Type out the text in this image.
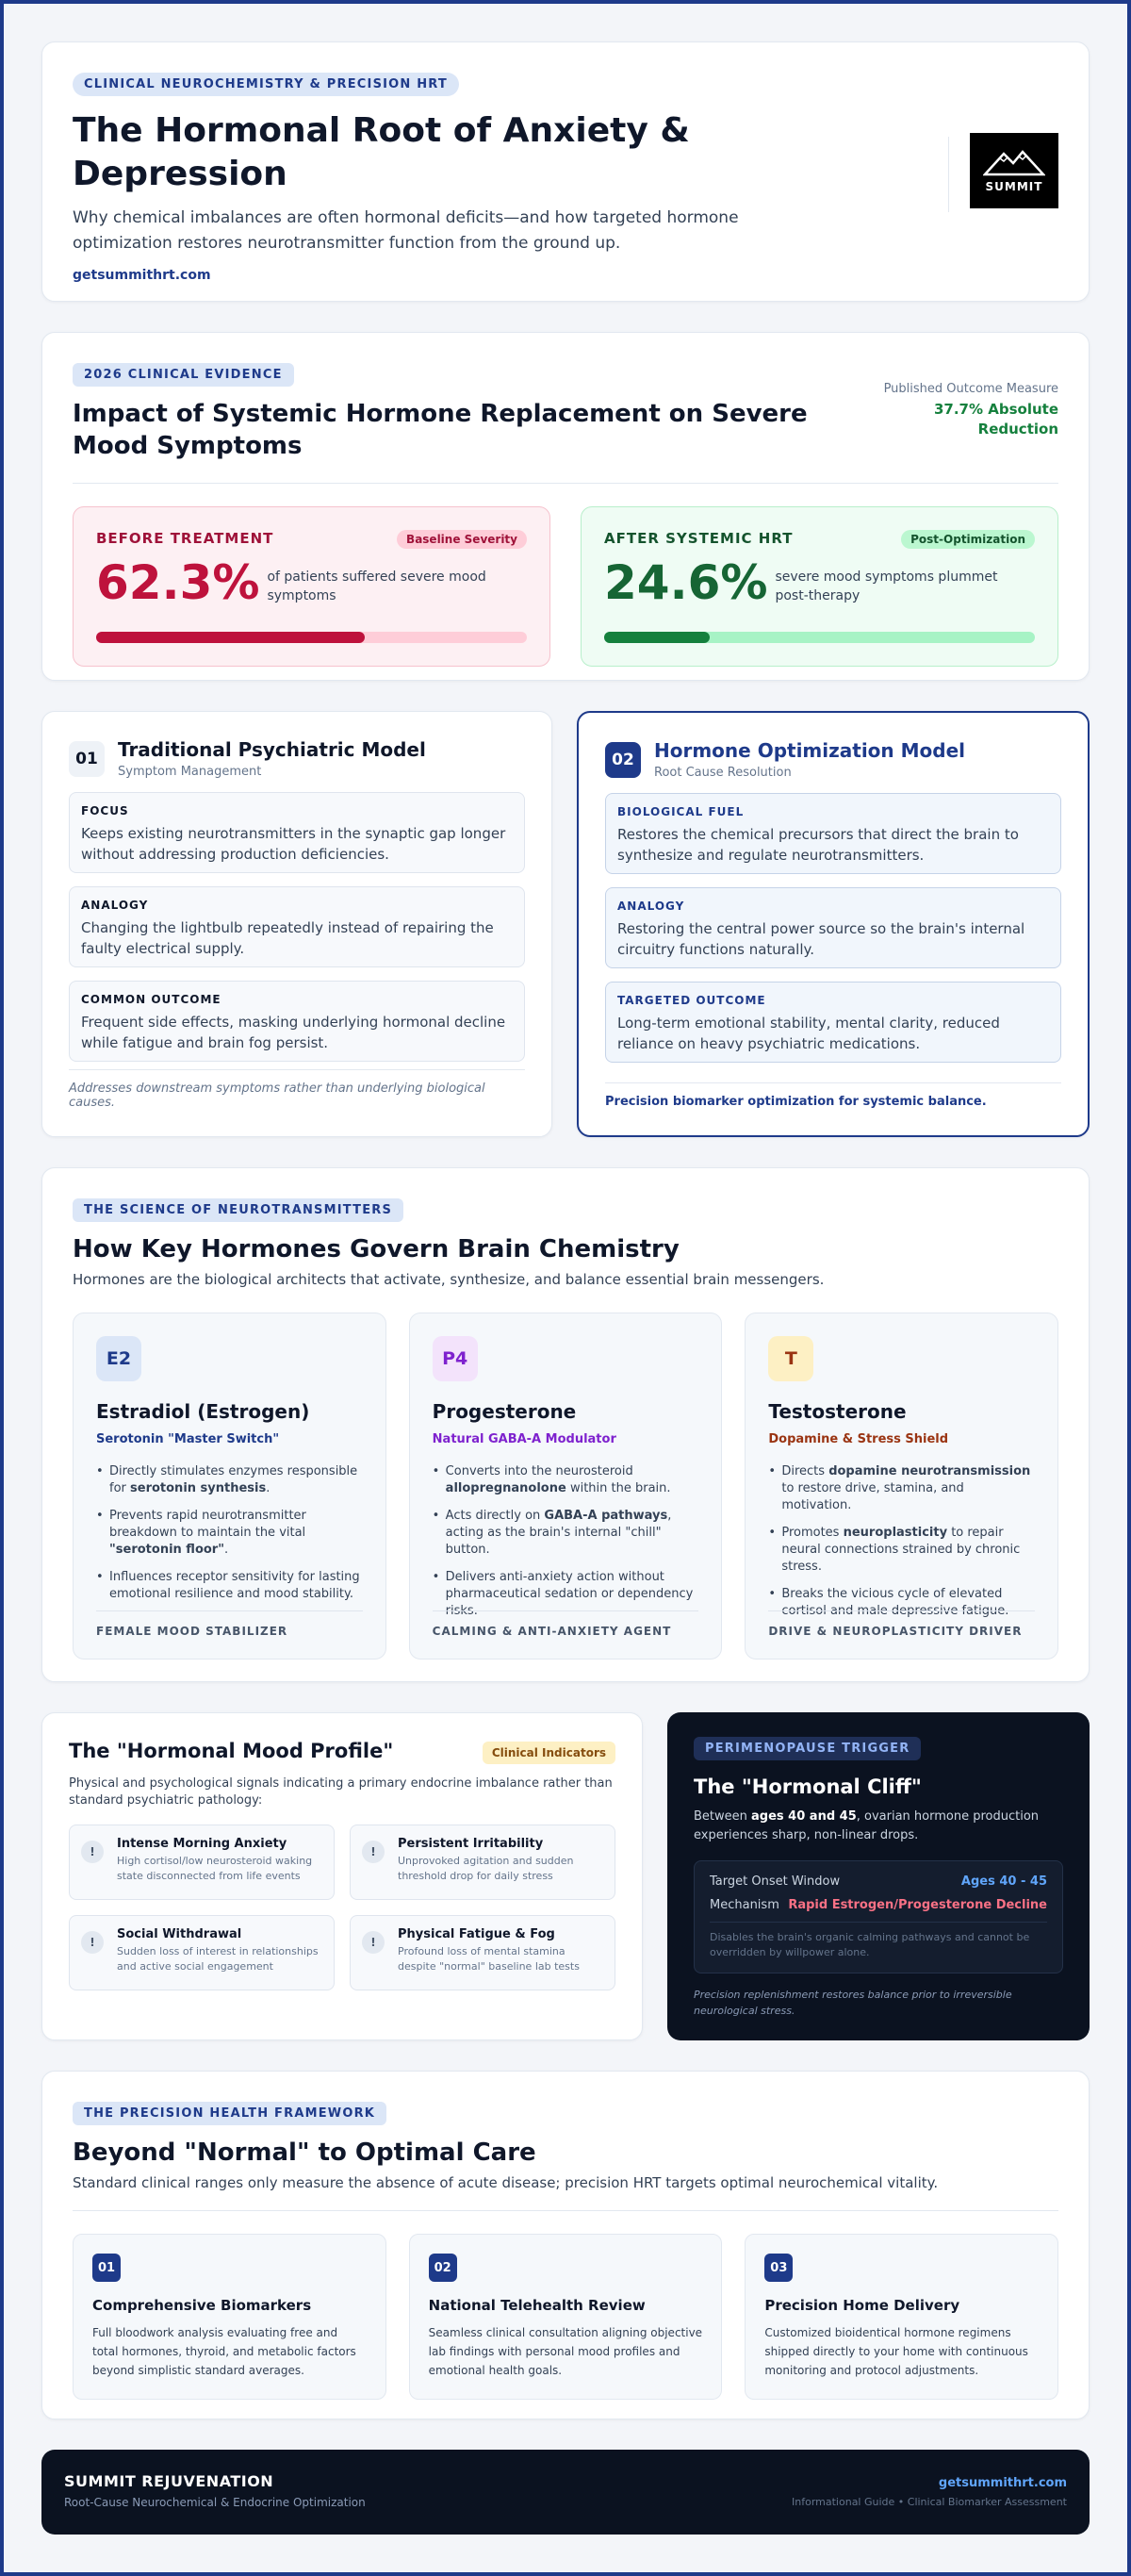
CLINICAL NEUROCHEMISTRY & PRECISION HRT
The Hormonal Root of Anxiety & Depression

Why chemical imbalances are often hormonal deficits—and how targeted hormone optimization restores neurotransmitter function from the ground up.

getsummithrt.com
SUMMIT
2026 CLINICAL EVIDENCE
Impact of Systemic Hormone Replacement on Severe Mood Symptoms
Published Outcome Measure
37.7% Absolute Reduction
BEFORE TREATMENT	Baseline Severity
62.3% of patients suffered severe mood symptoms
AFTER SYSTEMIC HRT	Post-Optimization
24.6% severe mood symptoms plummet post-therapy
01	Traditional Psychiatric Model
Symptom Management
FOCUS
Keeps existing neurotransmitters in the synaptic gap longer without addressing production deficiencies.
ANALOGY
Changing the lightbulb repeatedly instead of repairing the faulty electrical supply.
COMMON OUTCOME
Frequent side effects, masking underlying hormonal decline while fatigue and brain fog persist.
Addresses downstream symptoms rather than underlying biological causes.
02	Hormone Optimization Model
Root Cause Resolution
BIOLOGICAL FUEL
Restores the chemical precursors that direct the brain to synthesize and regulate neurotransmitters.
ANALOGY
Restoring the central power source so the brain's internal circuitry functions naturally.
TARGETED OUTCOME
Long-term emotional stability, mental clarity, reduced reliance on heavy psychiatric medications.
Precision biomarker optimization for systemic balance.
THE SCIENCE OF NEUROTRANSMITTERS
How Key Hormones Govern Brain Chemistry

Hormones are the biological architects that activate, synthesize, and balance essential brain messengers.

E2
Estradiol (Estrogen)
Serotonin "Master Switch"
• Directly stimulates enzymes responsible for serotonin synthesis.
• Prevents rapid neurotransmitter breakdown to maintain the vital "serotonin floor".
• Influences receptor sensitivity for lasting emotional resilience and mood stability.
FEMALE MOOD STABILIZER
P4
Progesterone
Natural GABA-A Modulator
• Converts into the neurosteroid allopregnanolone within the brain.
• Acts directly on GABA-A pathways, acting as the brain's internal "chill" button.
• Delivers anti-anxiety action without pharmaceutical sedation or dependency risks.
CALMING & ANTI-ANXIETY AGENT
T
Testosterone
Dopamine & Stress Shield
• Directs dopamine neurotransmission to restore drive, stamina, and motivation.
• Promotes neuroplasticity to repair neural connections strained by chronic stress.
• Breaks the vicious cycle of elevated cortisol and male depressive fatigue.
DRIVE & NEUROPLASTICITY DRIVER
The "Hormonal Mood Profile"	Clinical Indicators

Physical and psychological signals indicating a primary endocrine imbalance rather than standard psychiatric pathology:

!
Intense Morning Anxiety
High cortisol/low neurosteroid waking state disconnected from life events
!
Persistent Irritability
Unprovoked agitation and sudden threshold drop for daily stress
!
Social Withdrawal
Sudden loss of interest in relationships and active social engagement
!
Physical Fatigue & Fog
Profound loss of mental stamina despite "normal" baseline lab tests
PERIMENOPAUSE TRIGGER
The "Hormonal Cliff"

Between ages 40 and 45, ovarian hormone production experiences sharp, non-linear drops.

Target Onset Window	Ages 40 - 45
Mechanism Rapid Estrogen/Progesterone Decline
Disables the brain's organic calming pathways and cannot be overridden by willpower alone.

Precision replenishment restores balance prior to irreversible neurological stress.

THE PRECISION HEALTH FRAMEWORK
Beyond "Normal" to Optimal Care

Standard clinical ranges only measure the absence of acute disease; precision HRT targets optimal neurochemical vitality.

01
Comprehensive Biomarkers
Full bloodwork analysis evaluating free and total hormones, thyroid, and metabolic factors beyond simplistic standard averages.
02
National Telehealth Review
Seamless clinical consultation aligning objective lab findings with personal mood profiles and emotional health goals.
03
Precision Home Delivery
Customized bioidentical hormone regimens shipped directly to your home with continuous monitoring and protocol adjustments.
SUMMIT REJUVENATION
Root-Cause Neurochemical & Endocrine Optimization
getsummithrt.com
Informational Guide • Clinical Biomarker Assessment
